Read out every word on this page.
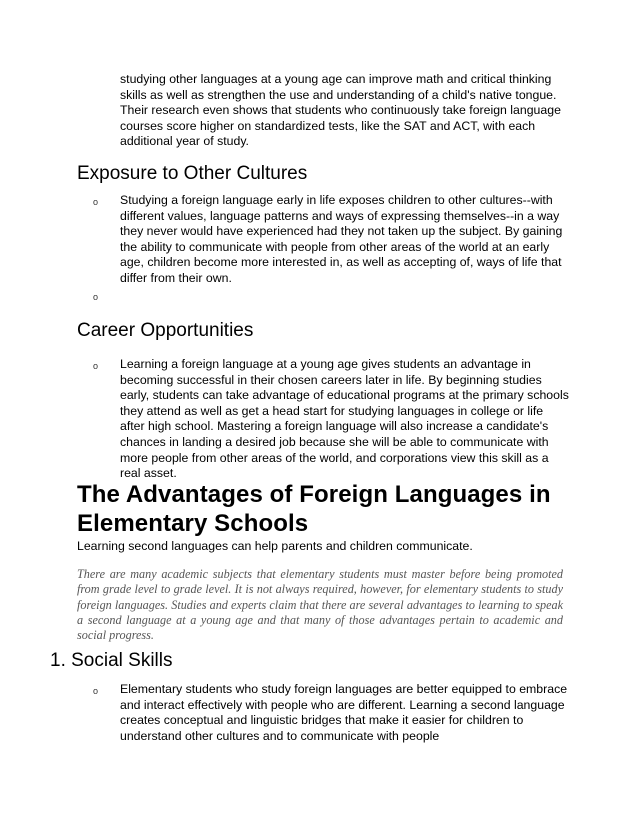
studying other languages at a young age can improve math and critical thinking skills as well as strengthen the use and understanding of a child's native tongue. Their research even shows that students who continuously take foreign language courses score higher on standardized tests, like the SAT and ACT, with each additional year of study.
Exposure to Other Cultures
o Studying a foreign language early in life exposes children to other cultures--with different values, language patterns and ways of expressing themselves--in a way they never would have experienced had they not taken up the subject. By gaining the ability to communicate with people from other areas of the world at an early age, children become more interested in, as well as accepting of, ways of life that differ from their own.
o
Career Opportunities
o Learning a foreign language at a young age gives students an advantage in becoming successful in their chosen careers later in life. By beginning studies early, students can take advantage of educational programs at the primary schools they attend as well as get a head start for studying languages in college or life after high school. Mastering a foreign language will also increase a candidate's chances in landing a desired job because she will be able to communicate with more people from other areas of the world, and corporations view this skill as a real asset.
The Advantages of Foreign Languages in Elementary Schools
Learning second languages can help parents and children communicate.
There are many academic subjects that elementary students must master before being promoted from grade level to grade level. It is not always required, however, for elementary students to study foreign languages. Studies and experts claim that there are several advantages to learning to speak a second language at a young age and that many of those advantages pertain to academic and social progress.
1. Social Skills
o Elementary students who study foreign languages are better equipped to embrace and interact effectively with people who are different. Learning a second language creates conceptual and linguistic bridges that make it easier for children to understand other cultures and to communicate with people
